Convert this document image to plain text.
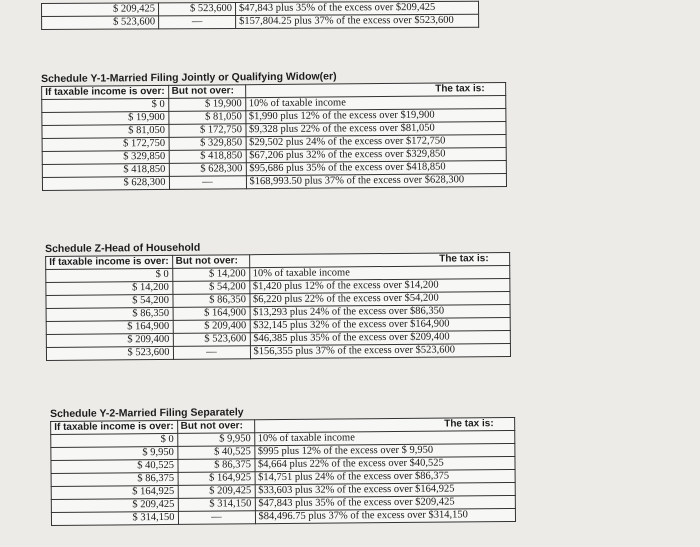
$ 209,425	$ 523,600	$47,843 plus 35% of the excess over $209,425
$ 523,600	—	$157,804.25 plus 37% of the excess over $523,600
Schedule Y-1-Married Filing Jointly or Qualifying Widow(er)
If taxable income is over:	But not over:	The tax is:
$ 0	$ 19,900	10% of taxable income
$ 19,900	$ 81,050	$1,990 plus 12% of the excess over $19,900
$ 81,050	$ 172,750	$9,328 plus 22% of the excess over $81,050
$ 172,750	$ 329,850	$29,502 plus 24% of the excess over $172,750
$ 329,850	$ 418,850	$67,206 plus 32% of the excess over $329,850
$ 418,850	$ 628,300	$95,686 plus 35% of the excess over $418,850
$ 628,300	—	$168,993.50 plus 37% of the excess over $628,300
Schedule Z-Head of Household
If taxable income is over:	But not over:	The tax is:
$ 0	$ 14,200	10% of taxable income
$ 14,200	$ 54,200	$1,420 plus 12% of the excess over $14,200
$ 54,200	$ 86,350	$6,220 plus 22% of the excess over $54,200
$ 86,350	$ 164,900	$13,293 plus 24% of the excess over $86,350
$ 164,900	$ 209,400	$32,145 plus 32% of the excess over $164,900
$ 209,400	$ 523,600	$46,385 plus 35% of the excess over $209,400
$ 523,600	—	$156,355 plus 37% of the excess over $523,600
Schedule Y-2-Married Filing Separately
If taxable income is over:	But not over:	The tax is:
$ 0	$ 9,950	10% of taxable income
$ 9,950	$ 40,525	$995 plus 12% of the excess over $ 9,950
$ 40,525	$ 86,375	$4,664 plus 22% of the excess over $40,525
$ 86,375	$ 164,925	$14,751 plus 24% of the excess over $86,375
$ 164,925	$ 209,425	$33,603 plus 32% of the excess over $164,925
$ 209,425	$ 314,150	$47,843 plus 35% of the excess over $209,425
$ 314,150	—	$84,496.75 plus 37% of the excess over $314,150
